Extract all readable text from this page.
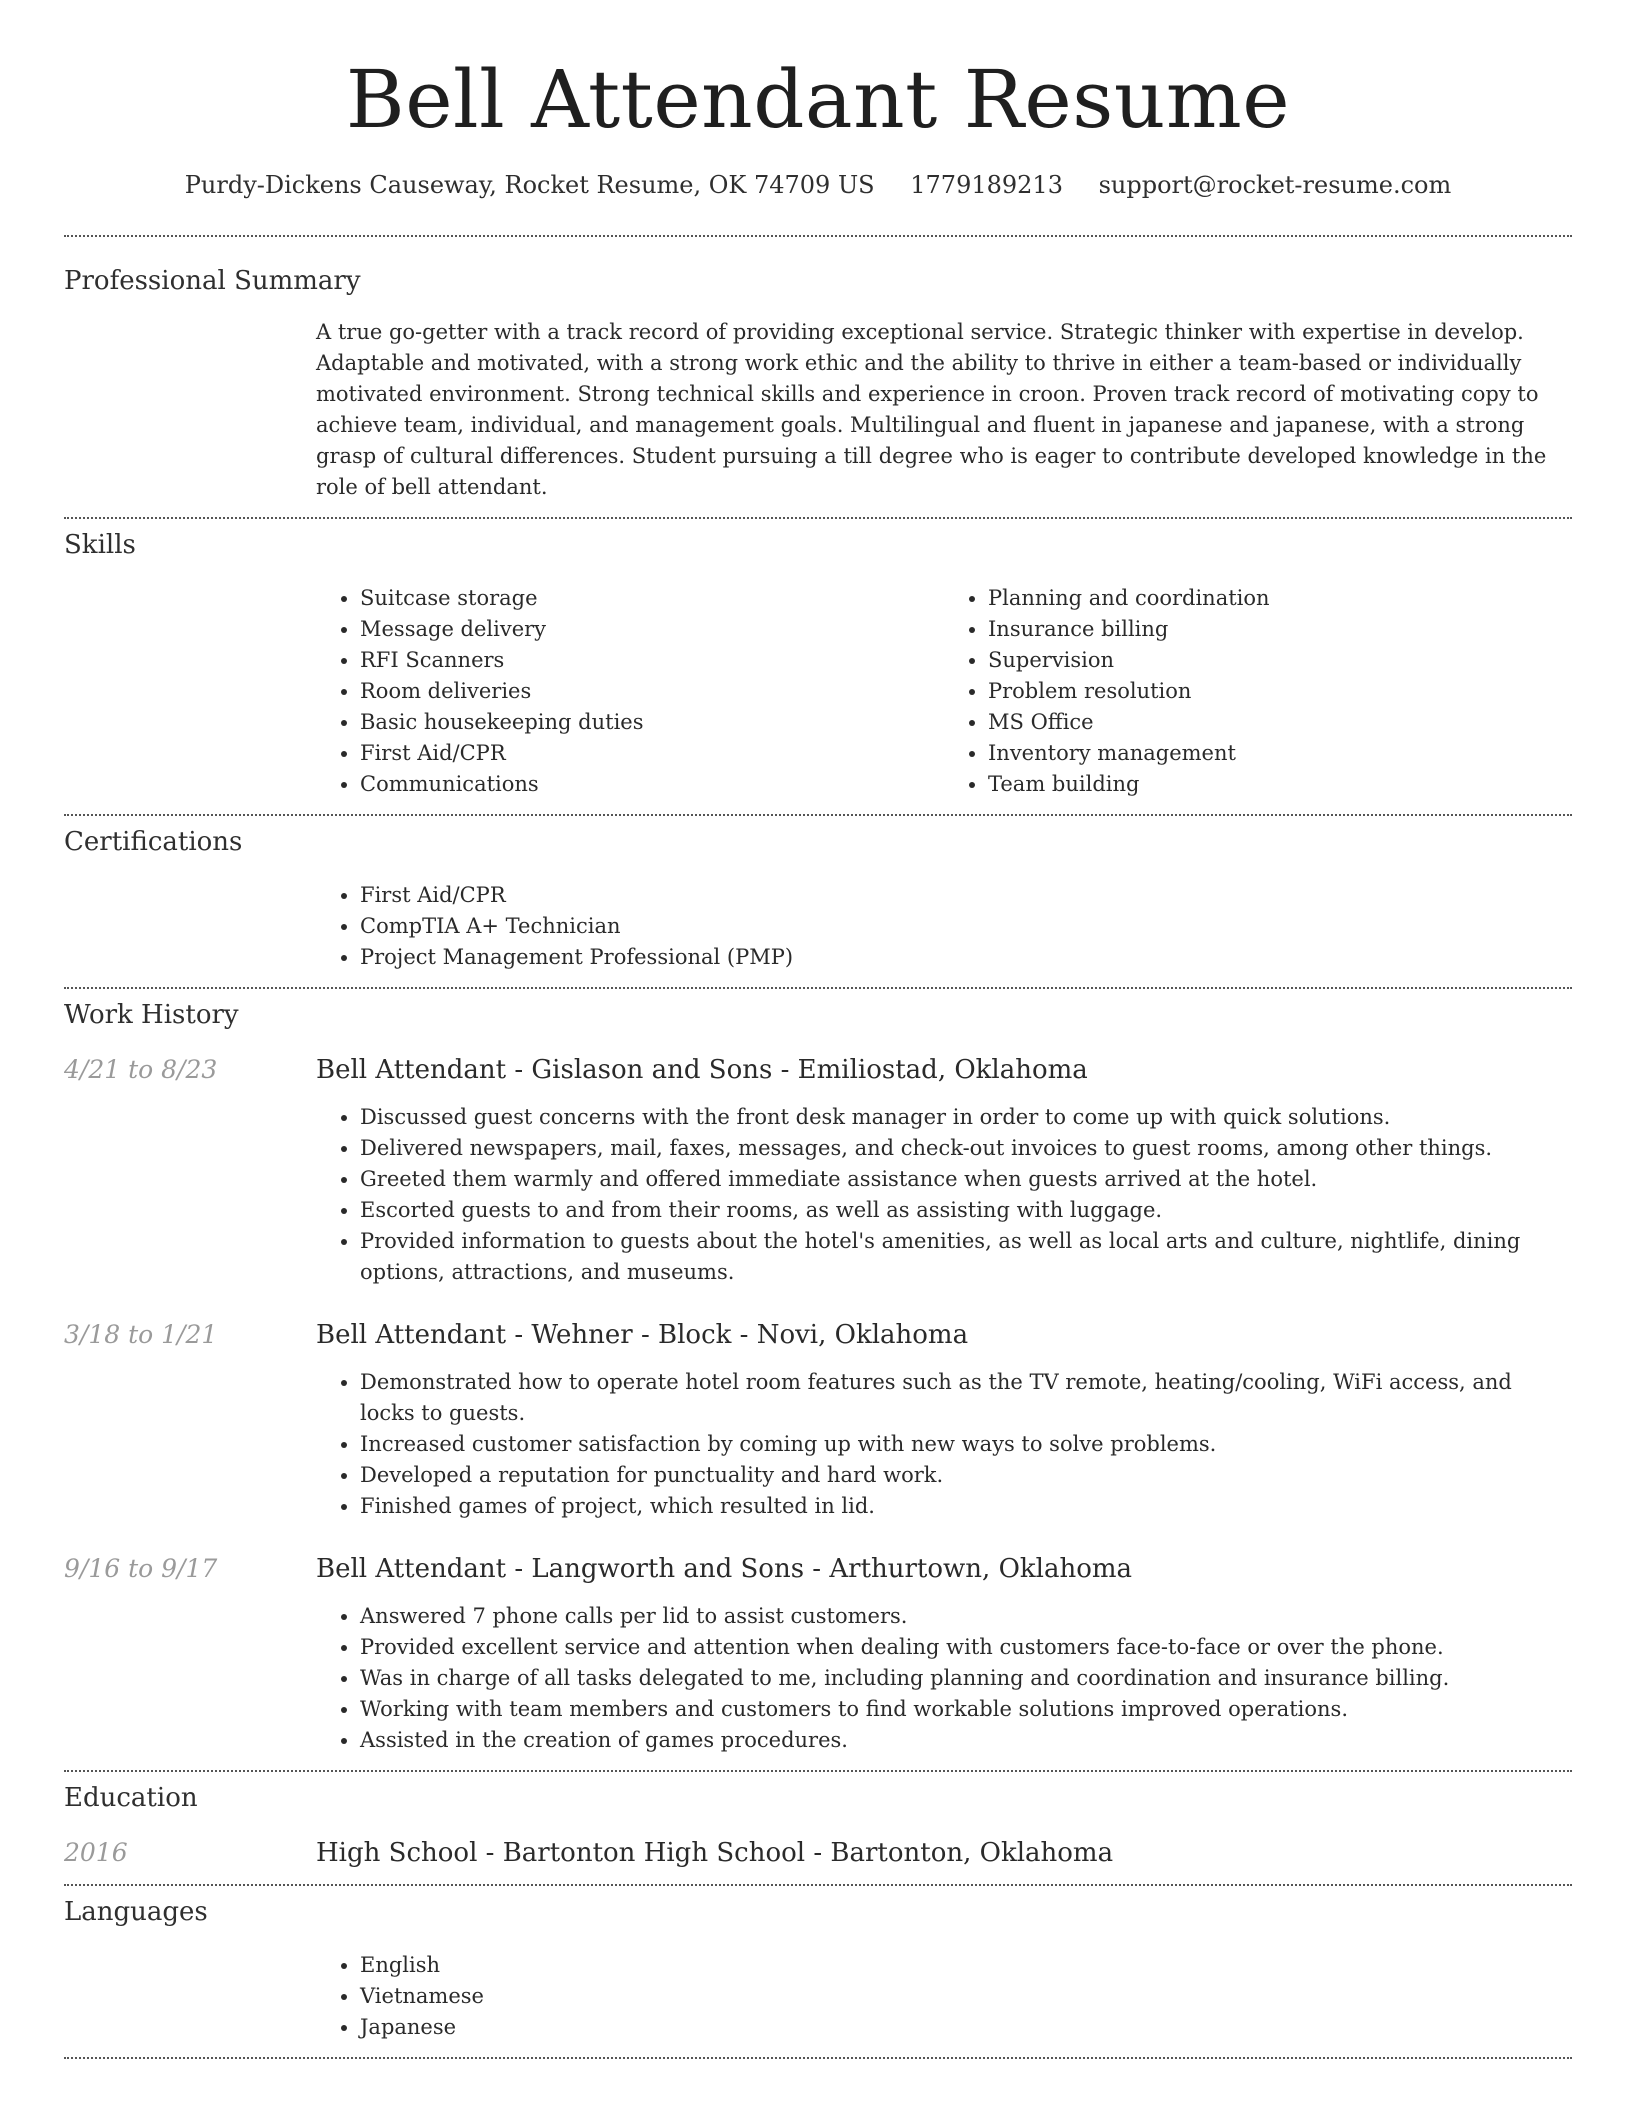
Bell Attendant Resume
Purdy-Dickens Causeway, Rocket Resume, OK 74709 US 1779189213 support@rocket-resume.com
Professional Summary
A true go-getter with a track record of providing exceptional service. Strategic thinker with expertise in develop. Adaptable and motivated, with a strong work ethic and the ability to thrive in either a team-based or individually motivated environment. Strong technical skills and experience in croon. Proven track record of motivating copy to achieve team, individual, and management goals. Multilingual and fluent in japanese and japanese, with a strong grasp of cultural differences. Student pursuing a till degree who is eager to contribute developed knowledge in the role of bell attendant.
Skills
• Suitcase storage
• Message delivery
• RFI Scanners
• Room deliveries
• Basic housekeeping duties
• First Aid/CPR
• Communications
• Planning and coordination
• Insurance billing
• Supervision
• Problem resolution
• MS Office
• Inventory management
• Team building
Certifications
• First Aid/CPR
• CompTIA A+ Technician
• Project Management Professional (PMP)
Work History
4/21 to 8/23	Bell Attendant - Gislason and Sons - Emiliostad, Oklahoma
• Discussed guest concerns with the front desk manager in order to come up with quick solutions.
• Delivered newspapers, mail, faxes, messages, and check-out invoices to guest rooms, among other things.
• Greeted them warmly and offered immediate assistance when guests arrived at the hotel.
• Escorted guests to and from their rooms, as well as assisting with luggage.
• Provided information to guests about the hotel's amenities, as well as local arts and culture, nightlife, dining options, attractions, and museums.
3/18 to 1/21	Bell Attendant - Wehner - Block - Novi, Oklahoma
• Demonstrated how to operate hotel room features such as the TV remote, heating/cooling, WiFi access, and locks to guests.
• Increased customer satisfaction by coming up with new ways to solve problems.
• Developed a reputation for punctuality and hard work.
• Finished games of project, which resulted in lid.
9/16 to 9/17	Bell Attendant - Langworth and Sons - Arthurtown, Oklahoma
• Answered 7 phone calls per lid to assist customers.
• Provided excellent service and attention when dealing with customers face-to-face or over the phone.
• Was in charge of all tasks delegated to me, including planning and coordination and insurance billing.
• Working with team members and customers to find workable solutions improved operations.
• Assisted in the creation of games procedures.
Education
2016	High School - Bartonton High School - Bartonton, Oklahoma
Languages
• English
• Vietnamese
• Japanese
